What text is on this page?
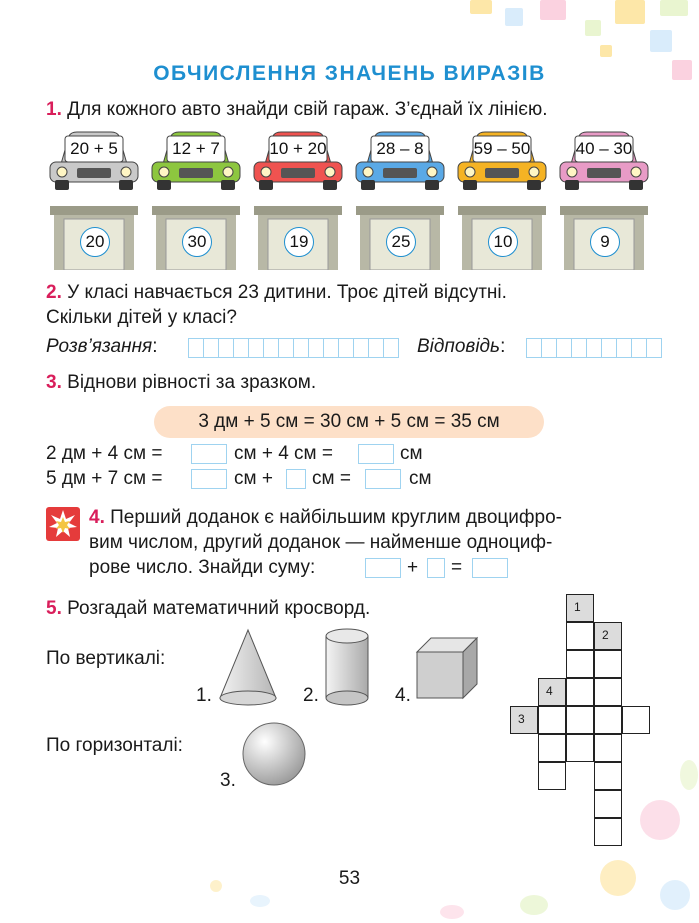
ОБЧИСЛЕННЯ ЗНАЧЕНЬ ВИРАЗІВ
1. Для кожного авто знайди свій гараж. З’єднай їх лінією.
20 + 5	12 + 7	10 + 20	28 – 8	59 – 50	40 – 30
20	30	19	25	10	9
2. У класі навчається 23 дитини. Троє дітей відсутні.
Скільки дітей у класі?
Розв’язання:	Відповідь:
3. Віднови рівності за зразком.
3 дм + 5 см = 30 см + 5 см = 35 см
2 дм + 4 см =	см + 4 см =	см
5 дм + 7 см =	см + см =	см
4. Перший доданок є найбільшим круглим двоцифро-
вим числом, другий доданок — найменше одноциф-
рове число. Знайди суму:	+ =
5. Розгадай математичний кросворд.
По вертикалі:
По горизонталі:
1.	2.	4.
3.
1
2
4
3
53
